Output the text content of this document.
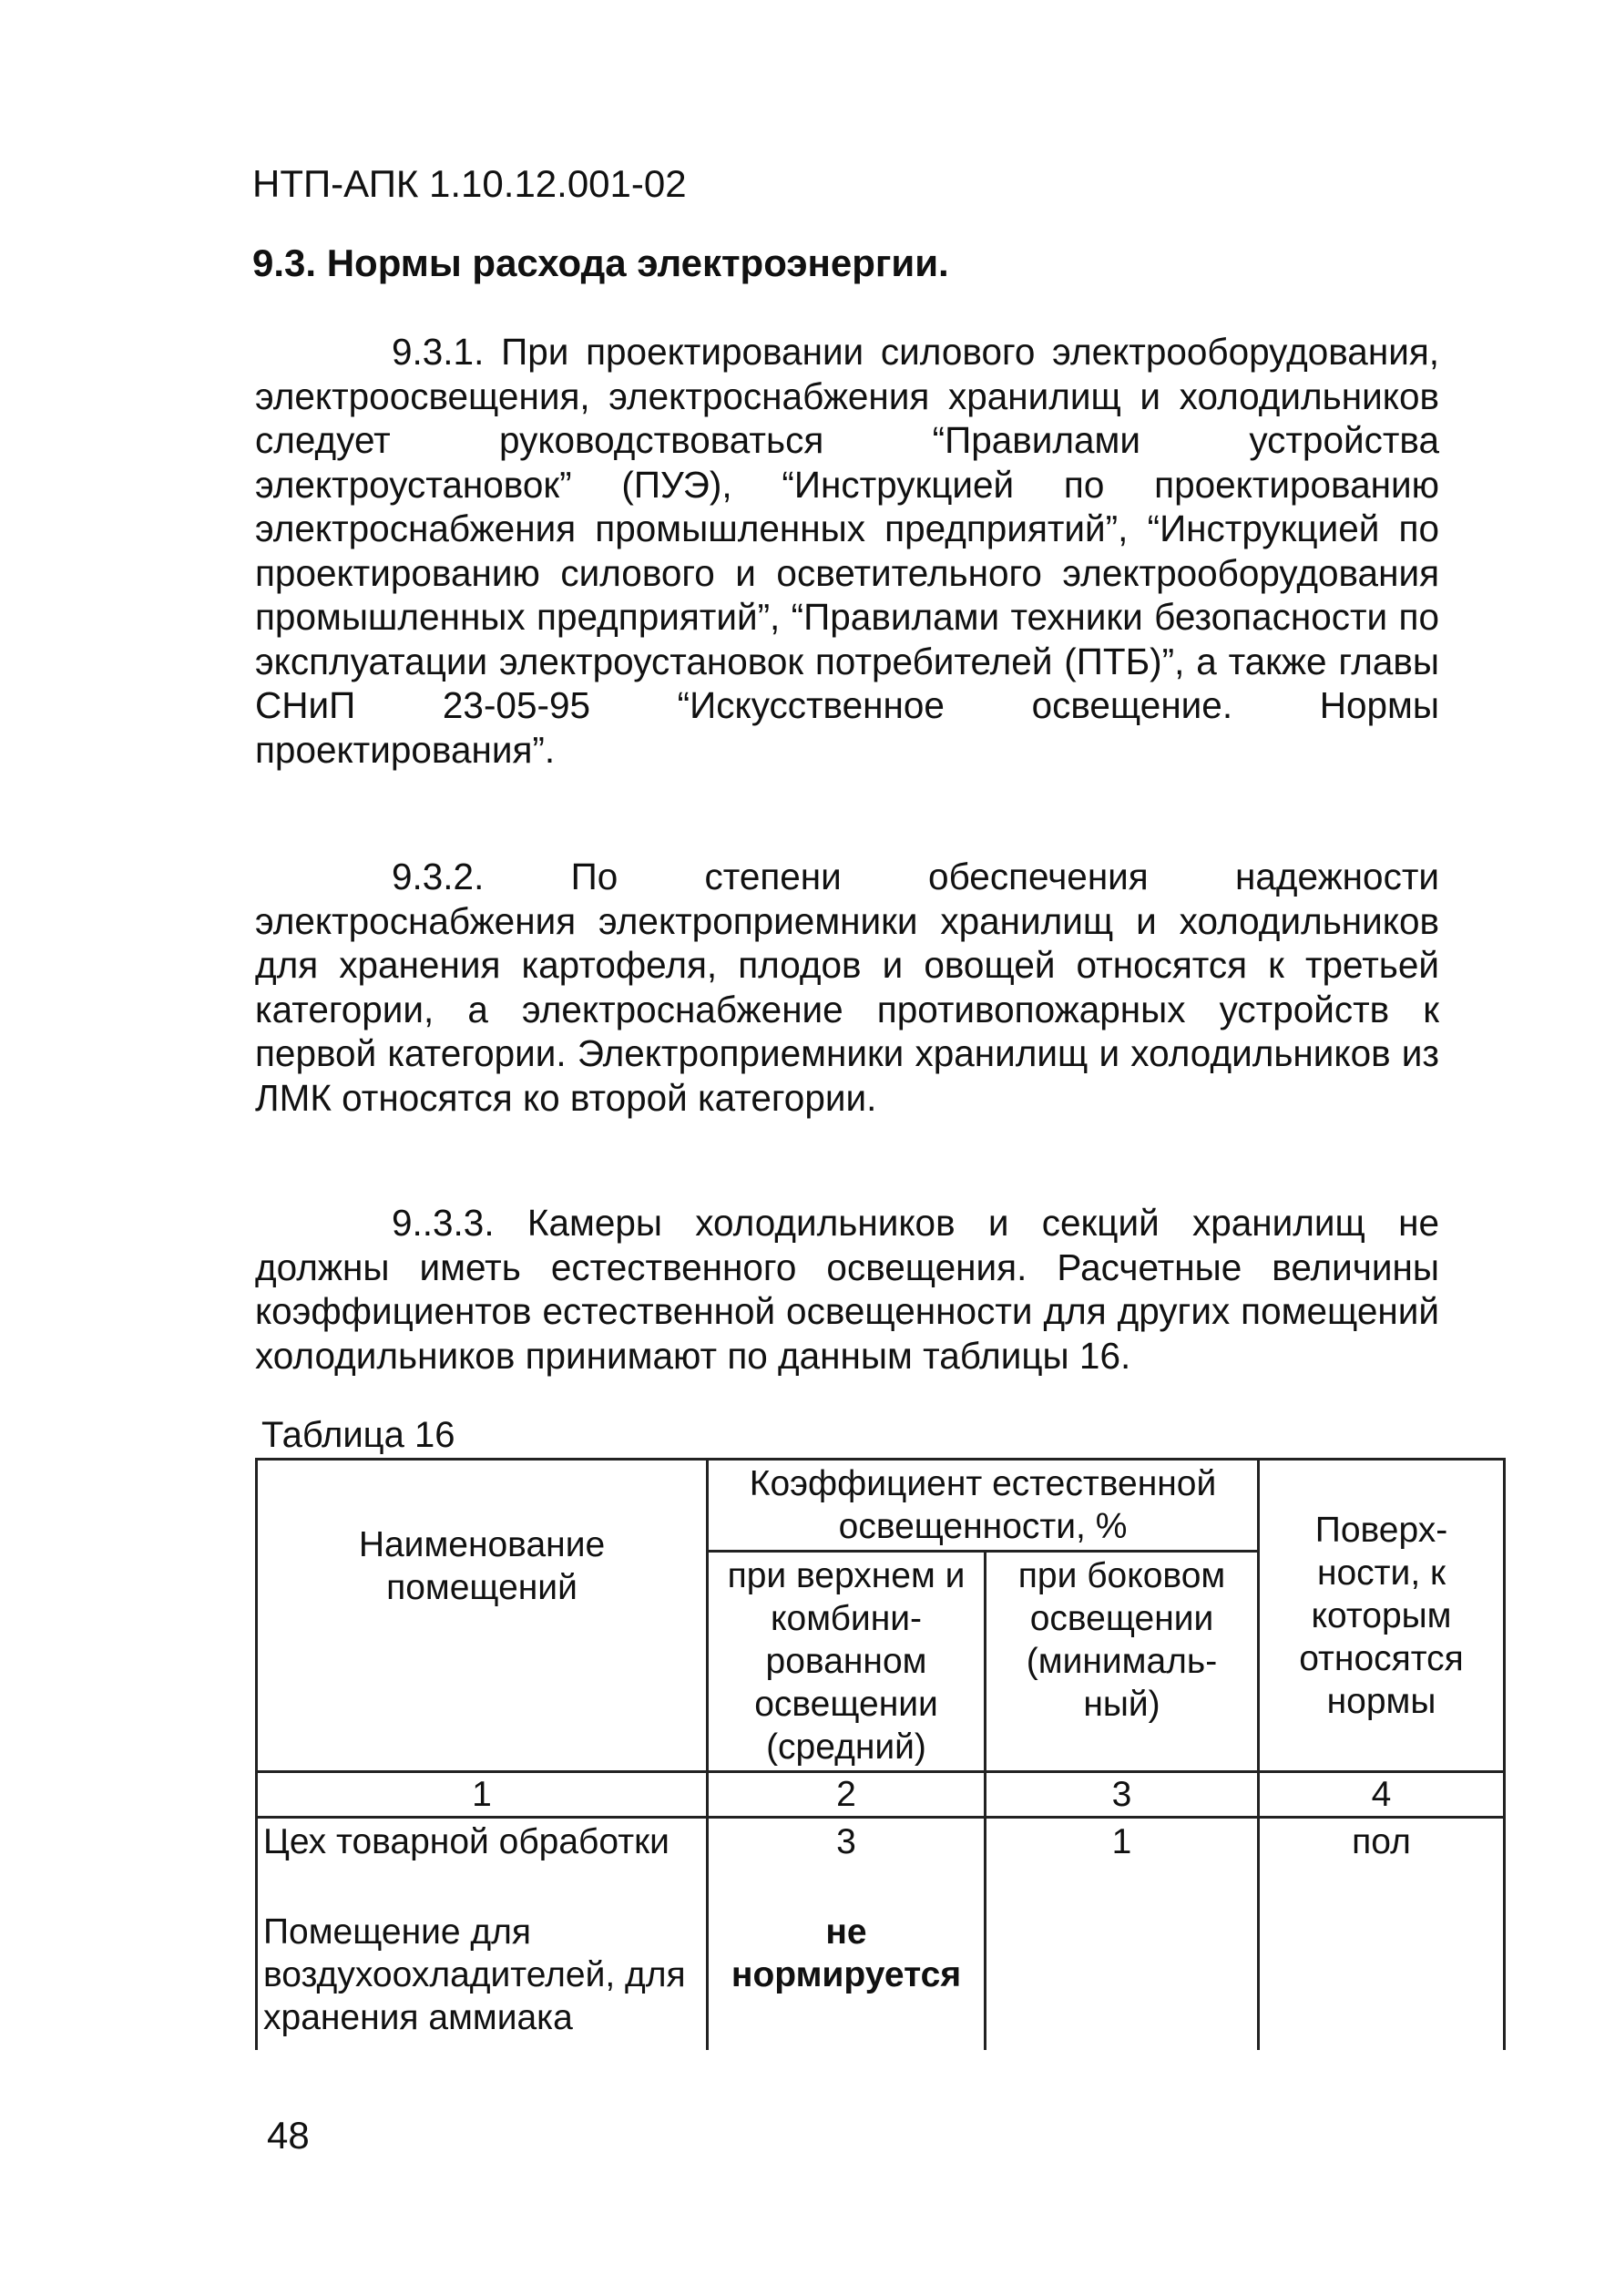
НТП-АПК 1.10.12.001-02
9.3. Нормы расхода электроэнергии.
9.3.1. При проектировании силового электрооборудования, электроосвещения, электроснабжения хранилищ и холодильников следует руководствоваться “Правилами устройства электроустановок” (ПУЭ), “Инструкцией по проектированию электроснабжения промышленных предприятий”, “Инструкцией по проектированию силового и осветительного электрооборудования промышленных предприятий”, “Правилами техники безопасности по эксплуатации электроустановок потребителей (ПТБ)”, а также главы СНиП 23-05-95 “Искусственное освещение. Нормы проектирования”.
9.3.2. По степени обеспечения надежности электроснабжения электроприемники хранилищ и холодильников для хранения картофеля, плодов и овощей относятся к третьей категории, а электроснабжение противопожарных устройств к первой категории. Электроприемники хранилищ и холодильников из ЛМК относятся ко второй категории.
9..3.3. Камеры холодильников и секций хранилищ не должны иметь естественного освещения. Расчетные величины коэффициентов естественной освещенности для других помещений холодильников принимают по данным таблицы 16.
Таблица 16
Наименование помещений	Коэффициент естественной освещенности, %		Поверх-ности, к которым относятся нормы
	при верхнем и комбини-рованном освещении (средний)	при боковом освещении (минималь-ный)	
1	2	3	4
Цех товарной обработки	3	1	пол
Помещение для воздухоохладителей, для хранения аммиака	не нормируется		
48
